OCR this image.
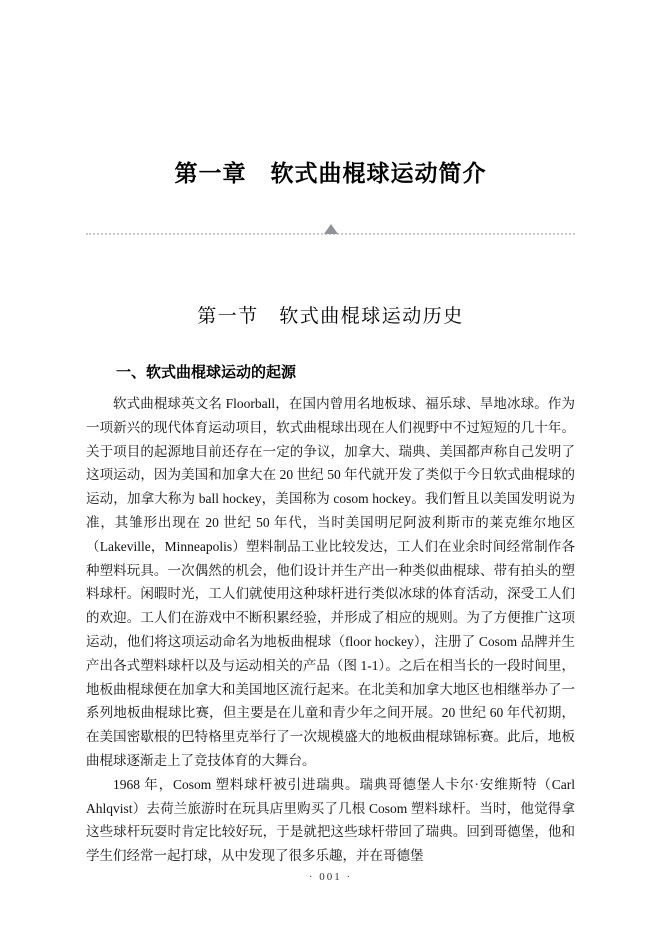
第一章　软式曲棍球运动简介
第一节　软式曲棍球运动历史
一、软式曲棍球运动的起源

软式曲棍球英文名 Floorball，在国内曾用名地板球、福乐球、旱地冰球。作为一项新兴的现代体育运动项目，软式曲棍球出现在人们视野中不过短短的几十年。关于项目的起源地目前还存在一定的争议，加拿大、瑞典、美国都声称自己发明了这项运动，因为美国和加拿大在 20 世纪 50 年代就开发了类似于今日软式曲棍球的运动，加拿大称为 ball hockey，美国称为 cosom hockey。我们暂且以美国发明说为准，其雏形出现在 20 世纪 50 年代，当时美国明尼阿波利斯市的莱克维尔地区（Lakeville，Minneapolis）塑料制品工业比较发达，工人们在业余时间经常制作各种塑料玩具。一次偶然的机会，他们设计并生产出一种类似曲棍球、带有拍头的塑料球杆。闲暇时光，工人们就使用这种球杆进行类似冰球的体育活动，深受工人们的欢迎。工人们在游戏中不断积累经验，并形成了相应的规则。为了方便推广这项运动，他们将这项运动命名为地板曲棍球（floor hockey），注册了 Cosom 品牌并生产出各式塑料球杆以及与运动相关的产品（图 1-1）。之后在相当长的一段时间里，地板曲棍球便在加拿大和美国地区流行起来。在北美和加拿大地区也相继举办了一系列地板曲棍球比赛，但主要是在儿童和青少年之间开展。20 世纪 60 年代初期，在美国密歇根的巴特格里克举行了一次规模盛大的地板曲棍球锦标赛。此后，地板曲棍球逐渐走上了竞技体育的大舞台。

1968 年，Cosom 塑料球杆被引进瑞典。瑞典哥德堡人卡尔·安维斯特（Carl Ahlqvist）去荷兰旅游时在玩具店里购买了几根 Cosom 塑料球杆。当时，他觉得拿这些球杆玩耍时肯定比较好玩，于是就把这些球杆带回了瑞典。回到哥德堡，他和学生们经常一起打球，从中发现了很多乐趣，并在哥德堡

· 001 ·
